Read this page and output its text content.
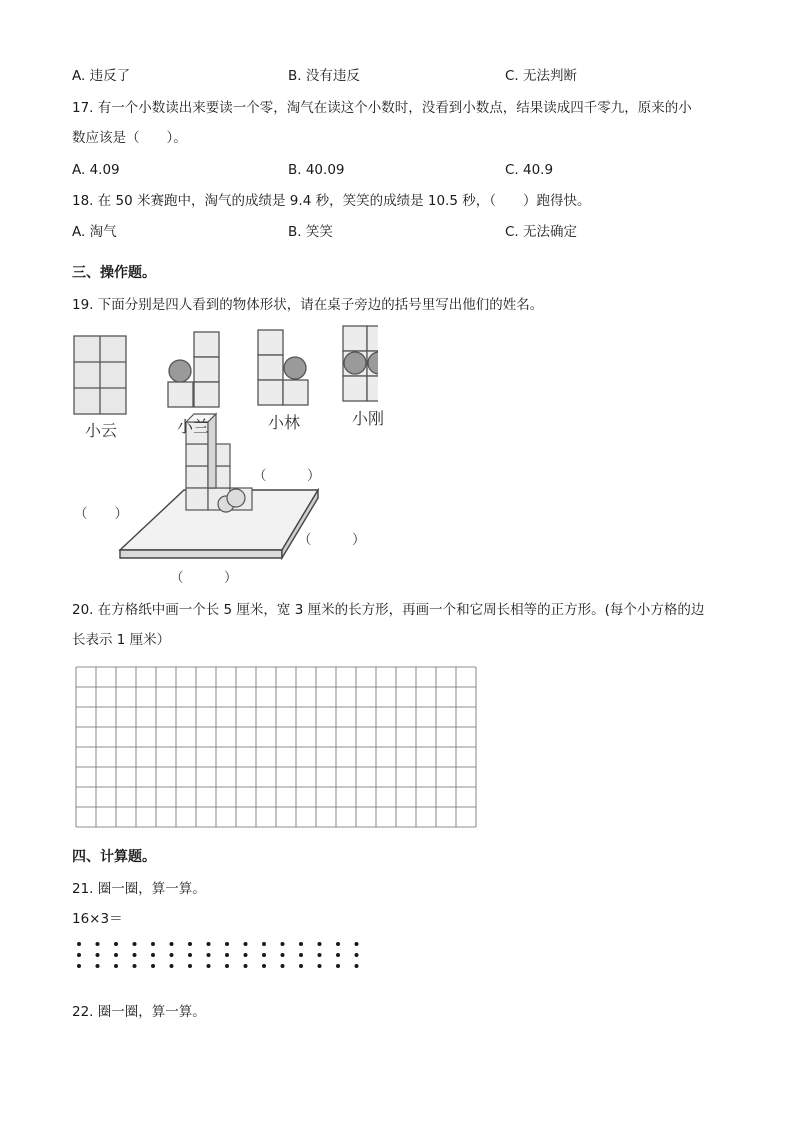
A. 违反了	B. 没有违反	C. 无法判断
17. 有一个小数读出来要读一个零，淘气在读这个小数时，没看到小数点，结果读成四千零九，原来的小
数应该是（　　）。
A. 4.09	B. 40.09	C. 40.9
18. 在 50 米赛跑中，淘气的成绩是 9.4 秒，笑笑的成绩是 10.5 秒，（　　）跑得快。
A. 淘气	B. 笑笑	C. 无法确定
三、操作题。
19. 下面分别是四人看到的物体形状，请在桌子旁边的括号里写出他们的姓名。
小云	小兰	小林	小刚
（　　　）
（　　）
（　　　）
（　　　）
20. 在方格纸中画一个长 5 厘米，宽 3 厘米的长方形，再画一个和它周长相等的正方形。(每个小方格的边
长表示 1 厘米）
四、计算题。
21. 圈一圈，算一算。
16×3＝
22. 圈一圈，算一算。
